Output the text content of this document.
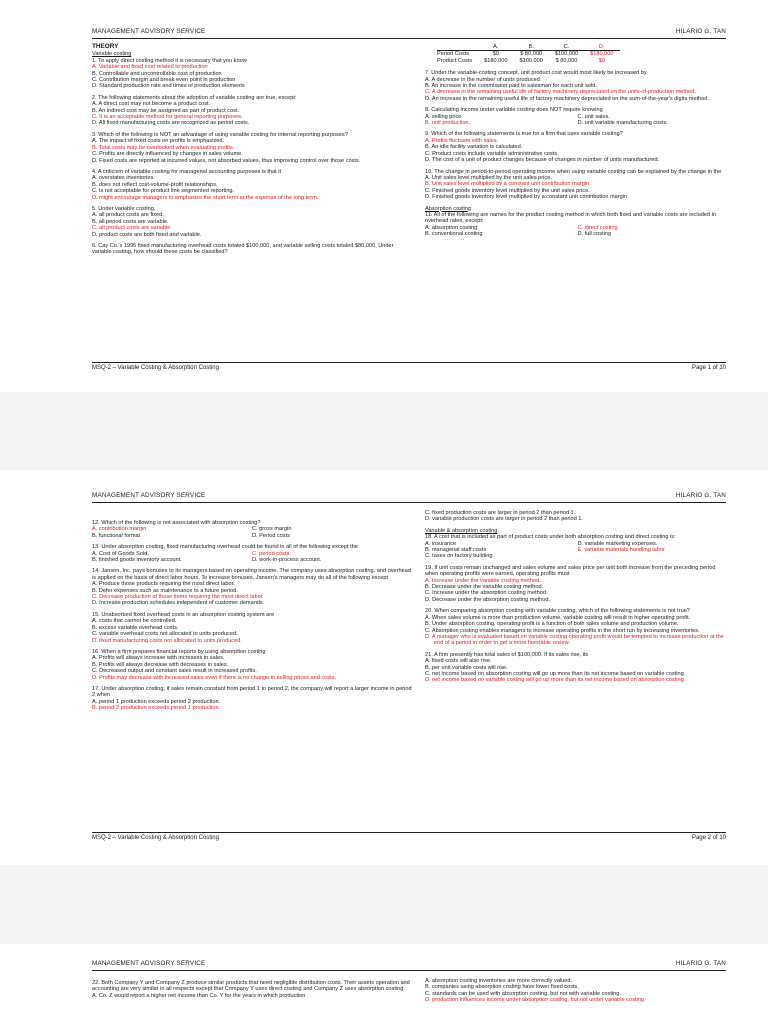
MANAGEMENT ADVISORY SERVICE	HILARIO G. TAN
THEORY
Variable costing
1. To apply direct costing method it is necessary that you know
A. Variable and fixed cost related to production
B. Controllable and uncontrollable cost of production
C. Contribution margin and break even point in production
D. Standard production rate and times of production elements
2. The following statements about the adoption of variable costing are true, except:
A. A direct cost may not become a product cost.
B. An indirect cost may be assigned as part of product cost.
C. It is an acceptable method for general reporting purposes.
D. All fixed manufacturing costs are recognized as period costs.
3. Which of the following is NOT an advantage of using variable costing for internal reporting purposes?
A. The impact of fixed costs on profits is emphasized.
B. Total costs may be overlooked when evaluating profits.
C. Profits are directly influenced by changes in sales volume.
D. Fixed costs are reported at incurred values, not absorbed values, thus improving control over those costs.
4. A criticism of variable costing for managerial accounting purposes is that it
A. overstates inventories.
B. does not reflect cost-volume-profit relationships.
C. is not acceptable for product line segmented reporting.
D. might encourage managers to emphasize the short term at the expense of the long term.
5. Under variable costing,
A. all product costs are fixed.
B. all period costs are variable.
C. all product costs are variable.
D. product costs are both fixed and variable.
6. Cay Co.'s 1995 fixed manufacturing overhead costs totaled $100,000, and variable selling costs totaled $80,000. Under variable costing, how should these costs be classified?
	A.	B.	C.	D.
Period Costs	$0	$ 80,000	$100,000	$180,000
Product Costs	$180,000	$100,000	$ 80,000	$0
7. Under the variable-costing concept, unit product cost would most likely be increased by
A. A decrease in the number of units produced.
B. An increase in the commission paid to salesman for each unit sold.
C. A decrease in the remaining useful life of factory machinery depreciated on the units-of-production method.
D. An increase in the remaining useful life of factory machinery depreciated on the sum-of-the-year's digits method.
8. Calculating income under variable costing does NOT require knowing
A. selling price.	C. unit sales.
B. unit production.	D. unit variable manufacturing costs.
9. Which of the following statements is true for a firm that uses variable costing?
A. Profits fluctuate with sales.
B. An idle facility variation is calculated.
C. Product costs include variable administrative costs.
D. The cost of a unit of product changes because of changes in number of units manufactured.
10. The change in period-to-period operating income when using variable costing can be explained by the change in the
A. Unit sales level multiplied by the unit sales price.
B. Unit sales level multiplied by a constant unit contribution margin.
C. Finished goods inventory level multiplied by the unit sales price.
D. Finished goods inventory level multiplied by a constant unit contribution margin.
Absorption costing
11. All of the following are names for the product costing method in which both fixed and variable costs are included in overhead rates, except:
A. absorption costing	C. direct costing
B. conventional costing	D. full costing
MSQ-2 – Variable Costing & Absorption Costing	Page 1 of 10
MANAGEMENT ADVISORY SERVICE	HILARIO G. TAN
12. Which of the following is not associated with absorption costing?
A. contribution margin	C. gross margin
B. functional format	D. Period costs
13. Under absorption costing, fixed manufacturing overhead could be found in all of the following except the
A. Cost of Goods Sold.	C. period costs.
B. finished goods inventory account.	D. work-in-process account.
14. Jansen, Inc. pays bonuses to its managers based on operating income. The company uses absorption costing, and overhead is applied on the basis of direct labor hours. To increase bonuses, Jansen's managers may do all of the following except
A. Produce those products requiring the most direct labor.
B. Defer expenses such as maintenance to a future period.
C. Decrease production of those items requiring the most direct labor.
D. Increase production schedules independent of customer demands.
15. Unabsorbed fixed overhead costs in an absorption costing system are
A. costs that cannot be controlled.
B. excess variable overhead costs.
C. variable overhead costs not allocated to units produced.
D. fixed manufacturing costs not allocated to units produced.
16. When a firm prepares financial reports by using absorption costing
A. Profits will always increase with increases in sales.
B. Profits will always decrease with decreases in sales.
C. Decreased output and constant sales result in increased profits.
D. Profits may decrease with increased sales even if there is no change in selling prices and costs.
17. Under absorption costing, if sales remain constant from period 1 to period 2, the company will report a larger income in period 2 when
A. period 1 production exceeds period 2 production.
B. period 2 production exceeds period 1 production.
C. fixed production costs are larger in period 2 than period 1.
D. variable production costs are larger in period 2 than period 1.
Variable & absorption costing
18. A cost that is included as part of product costs under both absorption costing and direct costing is:
A. insurance	D. variable marketing expenses.
B. managerial staff costs	E. variable materials handling labor
C. taxes on factory building
19. If unit costs remain unchanged and sales volume and sales price per unit both increase from the preceding period when operating profits were earned, operating profits must
A. Increase under the variable costing method.
B. Decrease under the variable costing method.
C. Increase under the absorption costing method.
D. Decrease under the absorption costing method.
20. When comparing absorption costing with variable costing, which of the following statements is not true?
A. When sales volume is more than production volume, variable costing will result in higher operating profit.
B. Under absorption costing, operating profit is a function of both sales volume and production volume.
C. Absorption costing enables managers to increase operating profits in the short run by increasing inventories.
D. A manager who is evaluated based on variable costing operating profit would be tempted to increase production at the end of a period in order to get a more favorable review.
21. A firm presently has total sales of $100,000. If its sales rise, its
A. fixed costs will also rise.
B. per unit variable costs will rise.
C. net income based on absorption costing will go up more than its net income based on variable costing.
D. net income based on variable costing will go up more than its net income based on absorption costing.
MSQ-2 – Variable Costing & Absorption Costing	Page 2 of 10
MANAGEMENT ADVISORY SERVICE	HILARIO G. TAN
22. Both Company Y and Company Z produce similar products that need negligible distribution costs. Their assets operation and accounting are very similar in all respects except that Company Y uses direct costing and Company Z uses absorption costing.
A. Co. Z would report a higher net income than Co. Y for the years in which production
A. absorption costing inventories are more correctly valued.
B. companies using absorption costing have lower fixed costs.
C. standards can be used with absorption costing, but not with variable costing.
D. production influences income under absorption costing, but not under variable costing.
